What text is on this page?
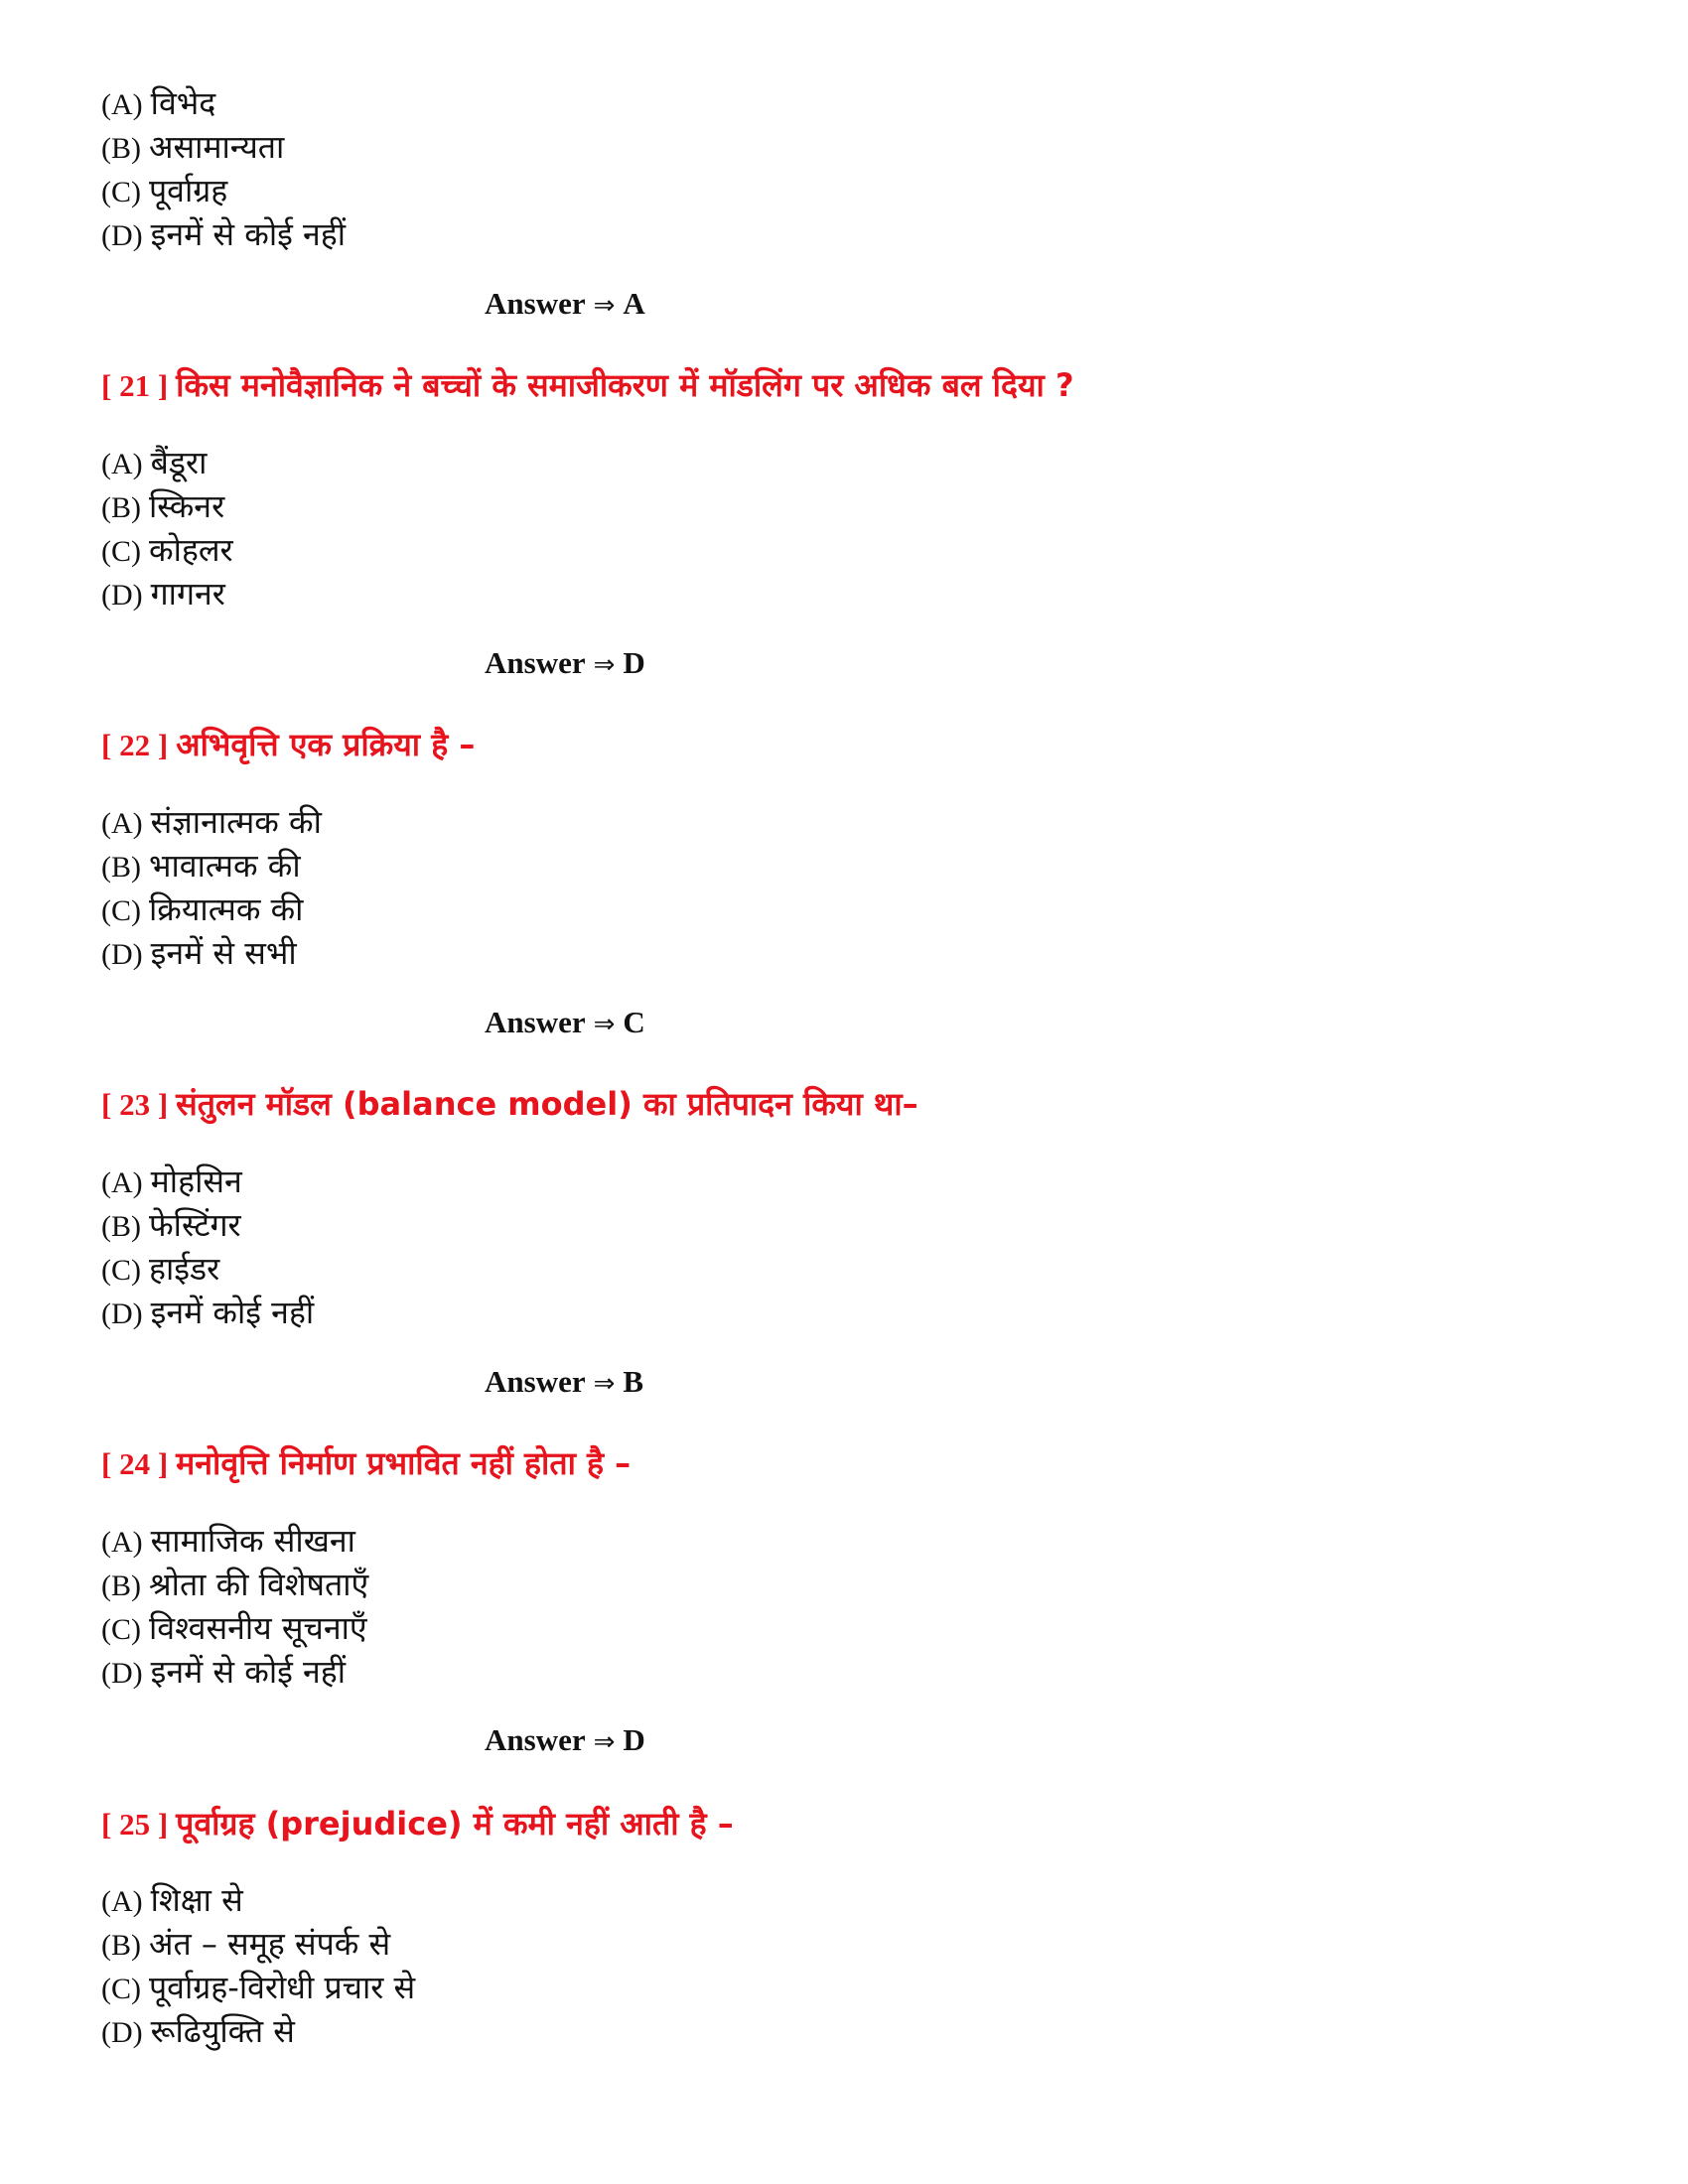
(A) विभेद
(B) असामान्यता
(C) पूर्वाग्रह
(D) इनमें से कोई नहीं
Answer ⇒ A
[ 21 ] किस मनोवैज्ञानिक ने बच्चों के समाजीकरण में मॉडलिंग पर अधिक बल दिया ?
(A) बैंडूरा
(B) स्किनर
(C) कोहलर
(D) गागनर
Answer ⇒ D
[ 22 ] अभिवृत्ति एक प्रक्रिया है –
(A) संज्ञानात्मक की
(B) भावात्मक की
(C) क्रियात्मक की
(D) इनमें से सभी
Answer ⇒ C
[ 23 ] संतुलन मॉडल (balance model) का प्रतिपादन किया था–
(A) मोहसिन
(B) फेस्टिंगर
(C) हाईडर
(D) इनमें कोई नहीं
Answer ⇒ B
[ 24 ] मनोवृत्ति निर्माण प्रभावित नहीं होता है –
(A) सामाजिक सीखना
(B) श्रोता की विशेषताएँ
(C) विश्वसनीय सूचनाएँ
(D) इनमें से कोई नहीं
Answer ⇒ D
[ 25 ] पूर्वाग्रह (prejudice) में कमी नहीं आती है –
(A) शिक्षा से
(B) अंत – समूह संपर्क से
(C) पूर्वाग्रह-विरोधी प्रचार से
(D) रूढियुक्ति से
